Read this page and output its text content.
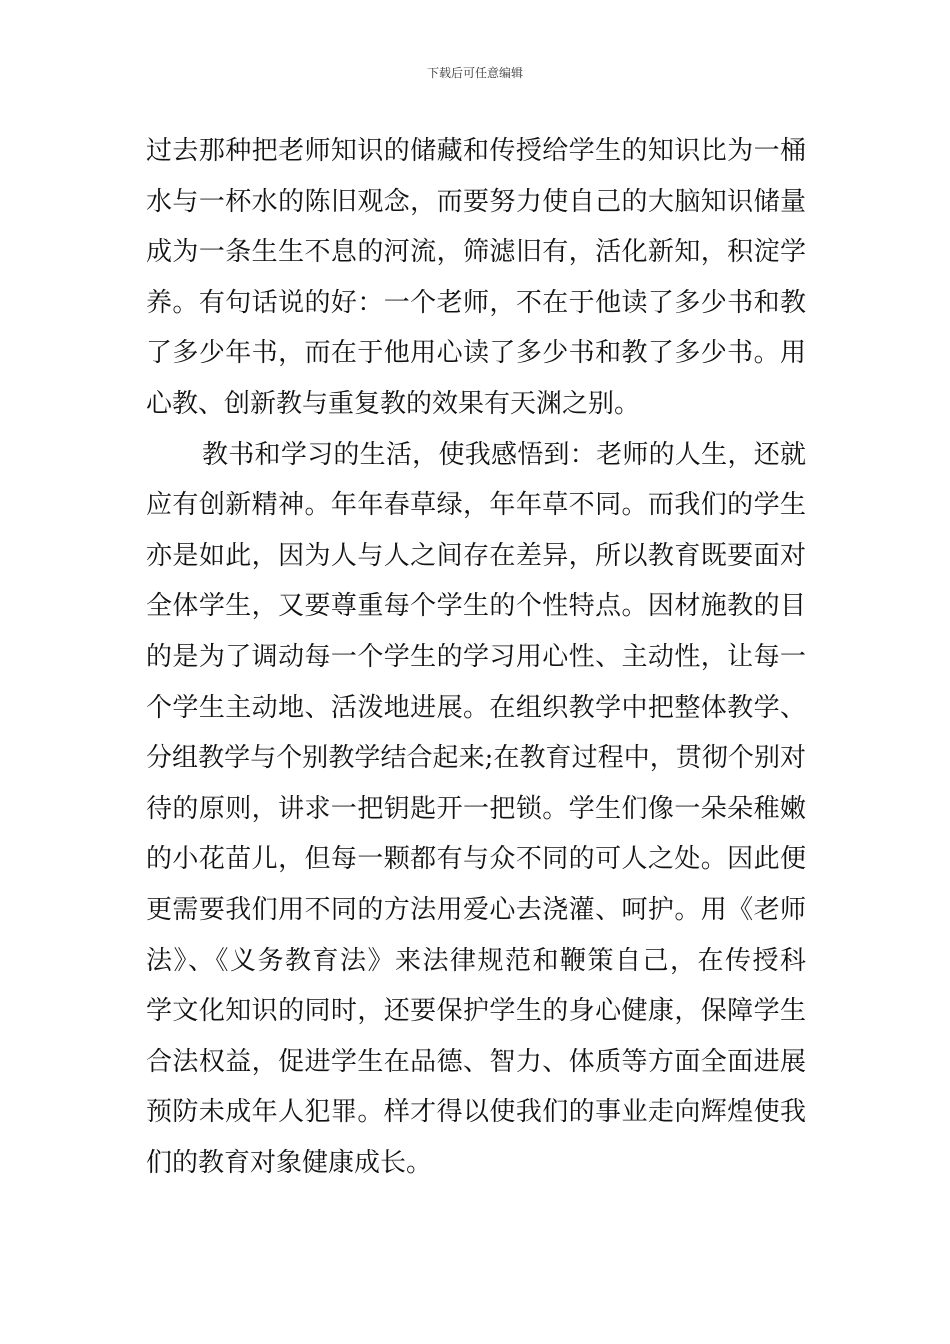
下载后可任意编辑
过去那种把老师知识的储藏和传授给学生的知识比为一桶
水与一杯水的陈旧观念，而要努力使自己的大脑知识储量
成为一条生生不息的河流，筛滤旧有，活化新知，积淀学
养。有句话说的好：一个老师，不在于他读了多少书和教
了多少年书，而在于他用心读了多少书和教了多少书。用
心教、创新教与重复教的效果有天渊之别。
教书和学习的生活，使我感悟到：老师的人生，还就
应有创新精神。年年春草绿，年年草不同。而我们的学生
亦是如此，因为人与人之间存在差异，所以教育既要面对
全体学生，又要尊重每个学生的个性特点。因材施教的目
的是为了调动每一个学生的学习用心性、主动性，让每一
个学生主动地、活泼地进展。在组织教学中把整体教学、
分组教学与个别教学结合起来;在教育过程中，贯彻个别对
待的原则，讲求一把钥匙开一把锁。学生们像一朵朵稚嫩
的小花苗儿，但每一颗都有与众不同的可人之处。因此便
更需要我们用不同的方法用爱心去浇灌、呵护。用《老师
法》、《义务教育法》来法律规范和鞭策自己，在传授科
学文化知识的同时，还要保护学生的身心健康，保障学生
合法权益，促进学生在品德、智力、体质等方面全面进展
预防未成年人犯罪。样才得以使我们的事业走向辉煌使我
们的教育对象健康成长。
